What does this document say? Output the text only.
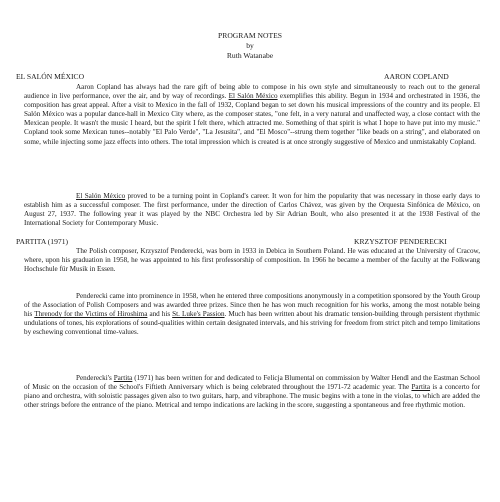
PROGRAM NOTES
by
Ruth Watanabe
EL SALÓN MÉXICO	AARON COPLAND
Aaron Copland has always had the rare gift of being able to compose in his own style and simultaneously to reach out to the general audience in live performance, over the air, and by way of recordings. El Salón México exemplifies this ability. Begun in 1934 and orchestrated in 1936, the composition has great appeal. After a visit to Mexico in the fall of 1932, Copland began to set down his musical impressions of the country and its people. El Salón México was a popular dance-hall in Mexico City where, as the composer states, "one felt, in a very natural and unaffected way, a close contact with the Mexican people. It wasn't the music I heard, but the spirit I felt there, which attracted me. Something of that spirit is what I hope to have put into my music." Copland took some Mexican tunes--notably "El Palo Verde", "La Jesusita", and "El Mosco"--strung them together "like beads on a string", and elaborated on some, while injecting some jazz effects into others. The total impression which is created is at once strongly suggestive of Mexico and unmistakably Copland.
El Salón México proved to be a turning point in Copland's career. It won for him the popularity that was necessary in those early days to establish him as a successful composer. The first performance, under the direction of Carlos Chávez, was given by the Orquesta Sinfónica de México, on August 27, 1937. The following year it was played by the NBC Orchestra led by Sir Adrian Boult, who also presented it at the 1938 Festival of the International Society for Contemporary Music.
PARTITA (1971)	KRZYSZTOF PENDERECKI
The Polish composer, Krzysztof Penderecki, was born in 1933 in Debica in Southern Poland. He was educated at the University of Cracow, where, upon his graduation in 1958, he was appointed to his first professorship of composition. In 1966 he became a member of the faculty at the Folkwang Hochschule für Musik in Essen.
Penderecki came into prominence in 1958, when he entered three compositions anonymously in a competition sponsored by the Youth Group of the Association of Polish Composers and was awarded three prizes. Since then he has won much recognition for his works, among the most notable being his Threnody for the Victims of Hiroshima and his St. Luke's Passion. Much has been written about his dramatic tension-building through persistent rhythmic undulations of tones, his explorations of sound-qualities within certain designated intervals, and his striving for freedom from strict pitch and tempo limitations by eschewing conventional time-values.
Penderecki's Partita (1971) has been written for and dedicated to Felicja Blumental on commission by Walter Hendl and the Eastman School of Music on the occasion of the School's Fiftieth Anniversary which is being celebrated throughout the 1971-72 academic year. The Partita is a concerto for piano and orchestra, with soloistic passages given also to two guitars, harp, and vibraphone. The music begins with a tone in the violas, to which are added the other strings before the entrance of the piano. Metrical and tempo indications are lacking in the score, suggesting a spontaneous and free rhythmic motion.
